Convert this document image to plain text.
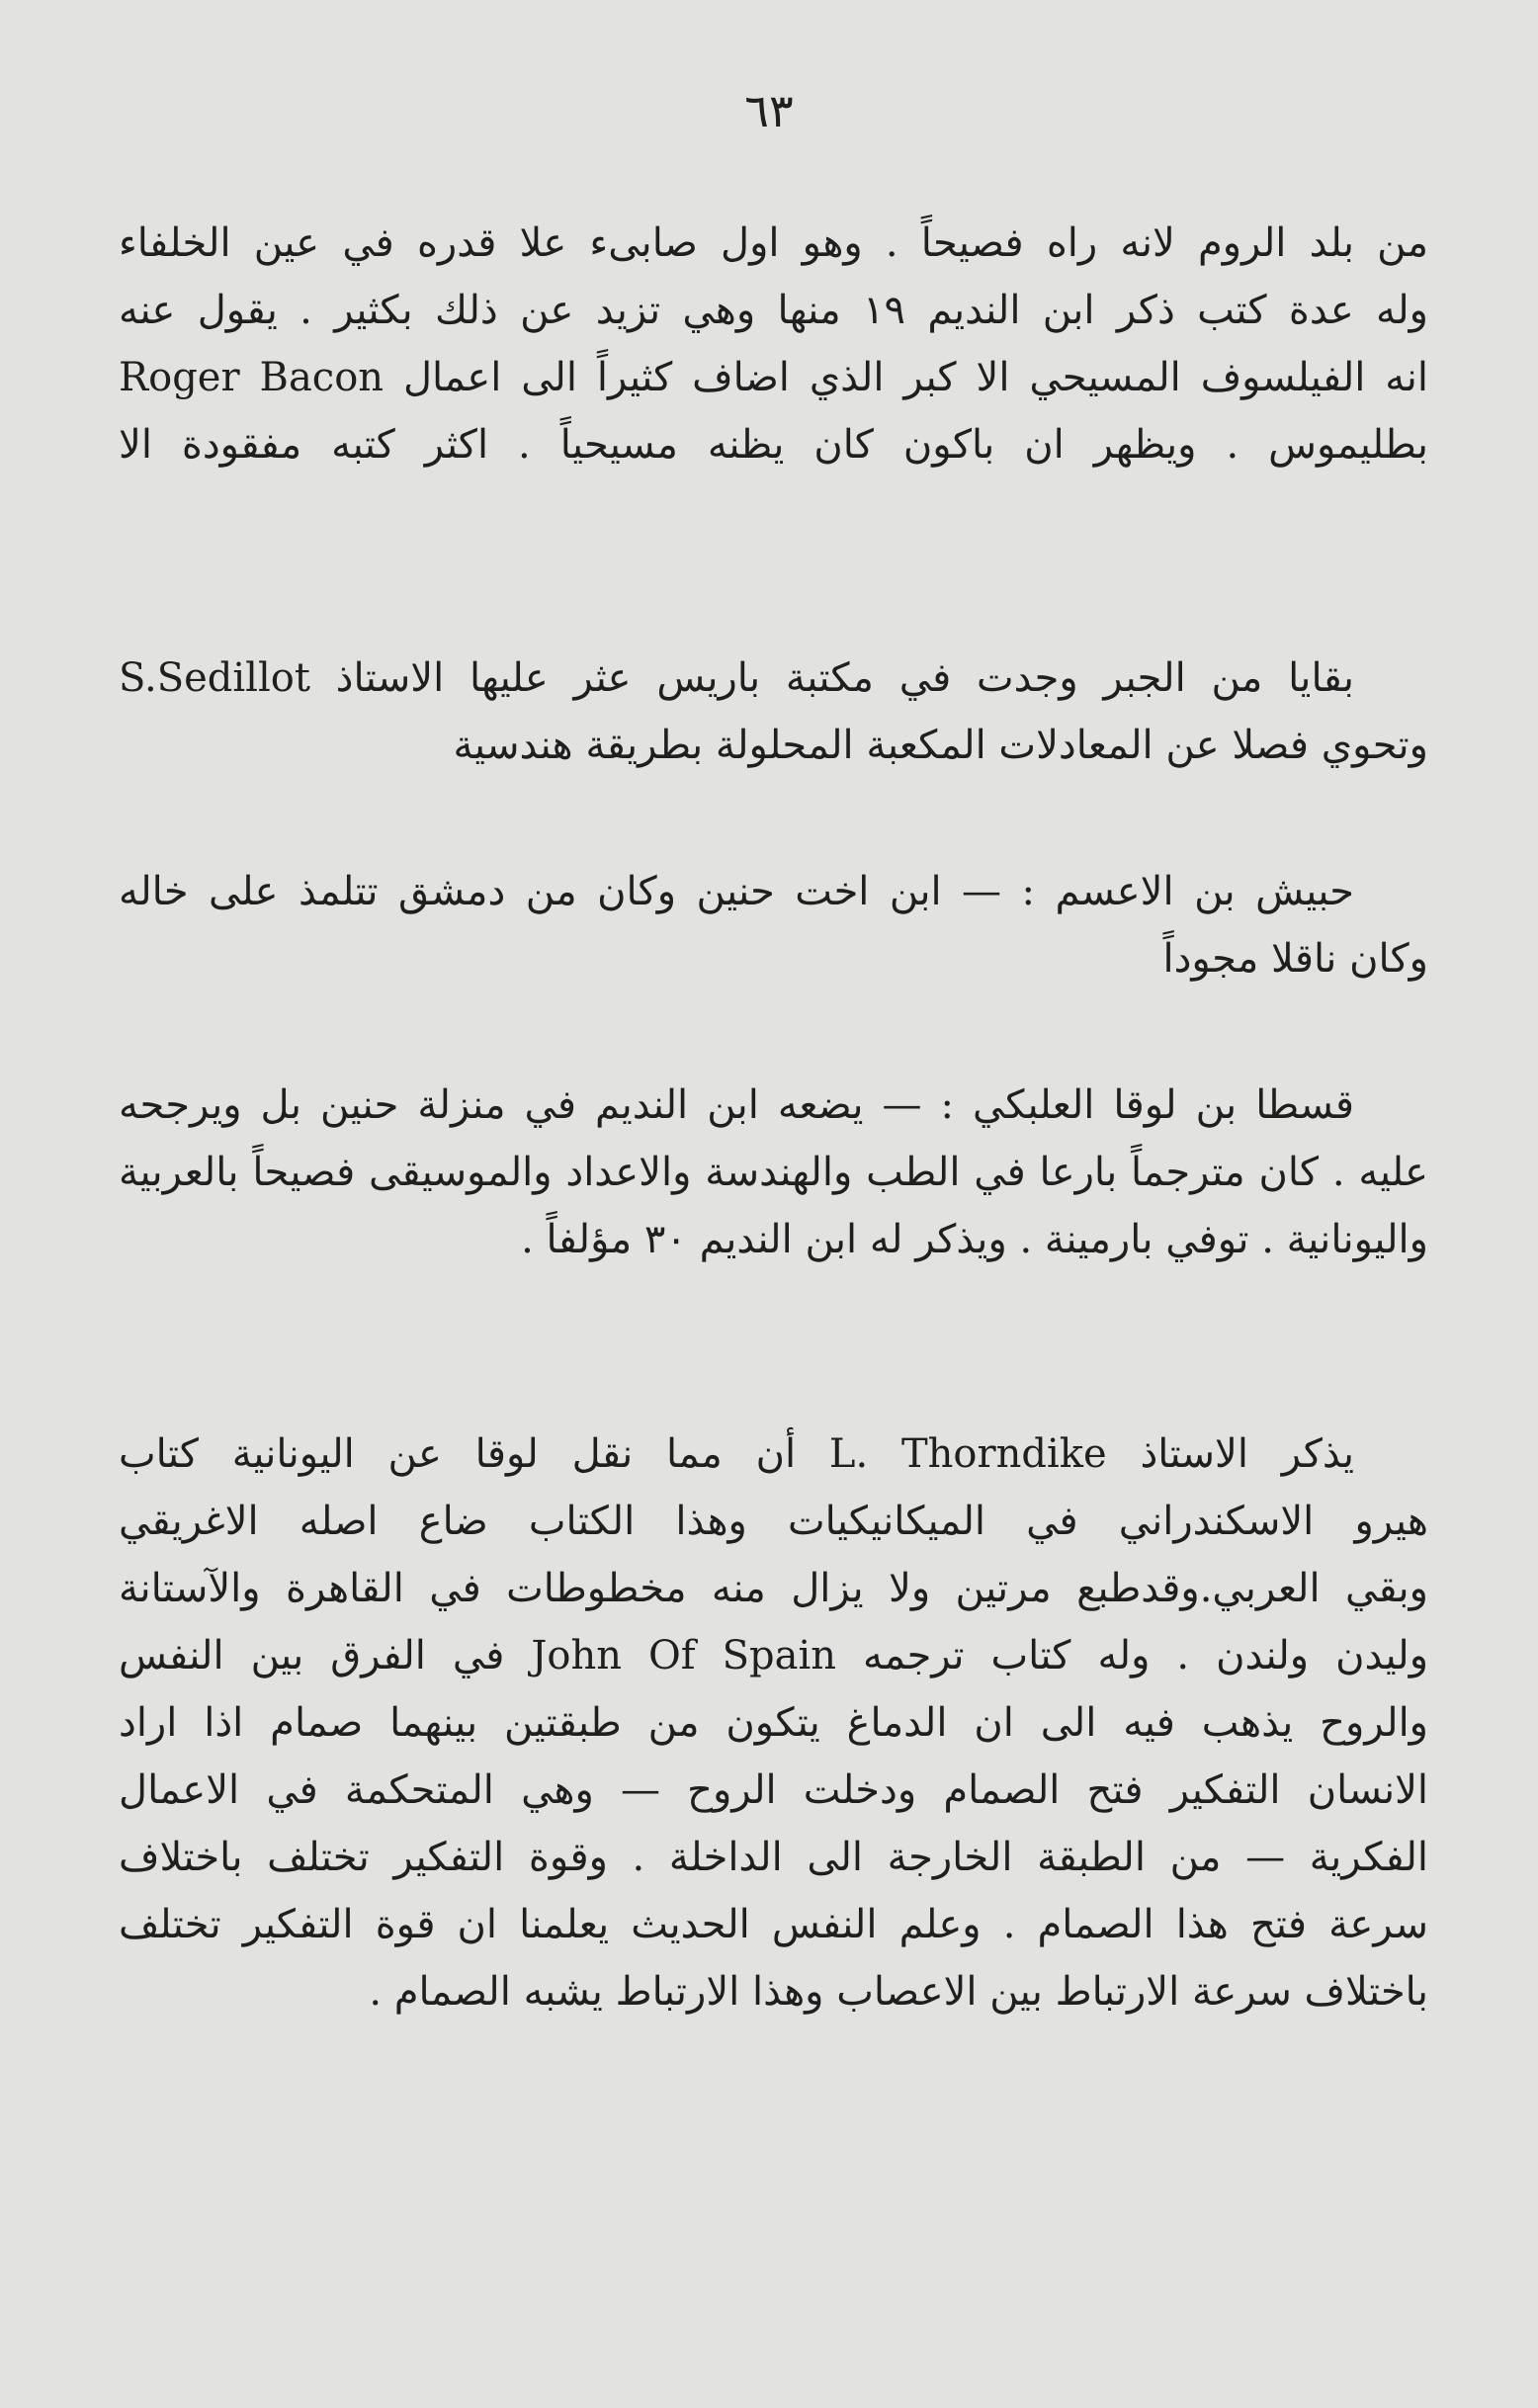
٦٣
من بلد الروم لانه راه فصيحاً . وهو اول صابىء علا قدره في عين الخلفاء
وله عدة كتب ذكر ابن النديم ١٩ منها وهي تزيد عن ذلك بكثير . يقول عنه
Roger Bacon انه الفيلسوف المسيحي الا كبر الذي اضاف كثيراً الى اعمال
بطليموس . ويظهر ان باكون كان يظنه مسيحياً . اكثر كتبه مفقودة الا
بقايا من الجبر وجدت في مكتبة باريس عثر عليها الاستاذ S.Sedillot
وتحوي فصلا عن المعادلات المكعبة المحلولة بطريقة هندسية
حبيش بن الاعسم : — ابن اخت حنين وكان من دمشق تتلمذ على خاله
وكان ناقلا مجوداً
قسطا بن لوقا العلبكي : — يضعه ابن النديم في منزلة حنين بل ويرجحه
عليه . كان مترجماً بارعا في الطب والهندسة والاعداد والموسيقى فصيحاً بالعربية
واليونانية . توفي بارمينة . ويذكر له ابن النديم ٣٠ مؤلفاً .
يذكر الاستاذ L. Thorndike أن مما نقل لوقا عن اليونانية كتاب
هيرو الاسكندراني في الميكانيكيات وهذا الكتاب ضاع اصله الاغريقي
وبقي العربي.وقدطبع مرتين ولا يزال منه مخطوطات في القاهرة والآستانة
وليدن ولندن . وله كتاب ترجمه John Of Spain في الفرق بين النفس
والروح يذهب فيه الى ان الدماغ يتكون من طبقتين بينهما صمام اذا اراد
الانسان التفكير فتح الصمام ودخلت الروح — وهي المتحكمة في الاعمال
الفكرية — من الطبقة الخارجة الى الداخلة . وقوة التفكير تختلف باختلاف
سرعة فتح هذا الصمام . وعلم النفس الحديث يعلمنا ان قوة التفكير تختلف
باختلاف سرعة الارتباط بين الاعصاب وهذا الارتباط يشبه الصمام .
